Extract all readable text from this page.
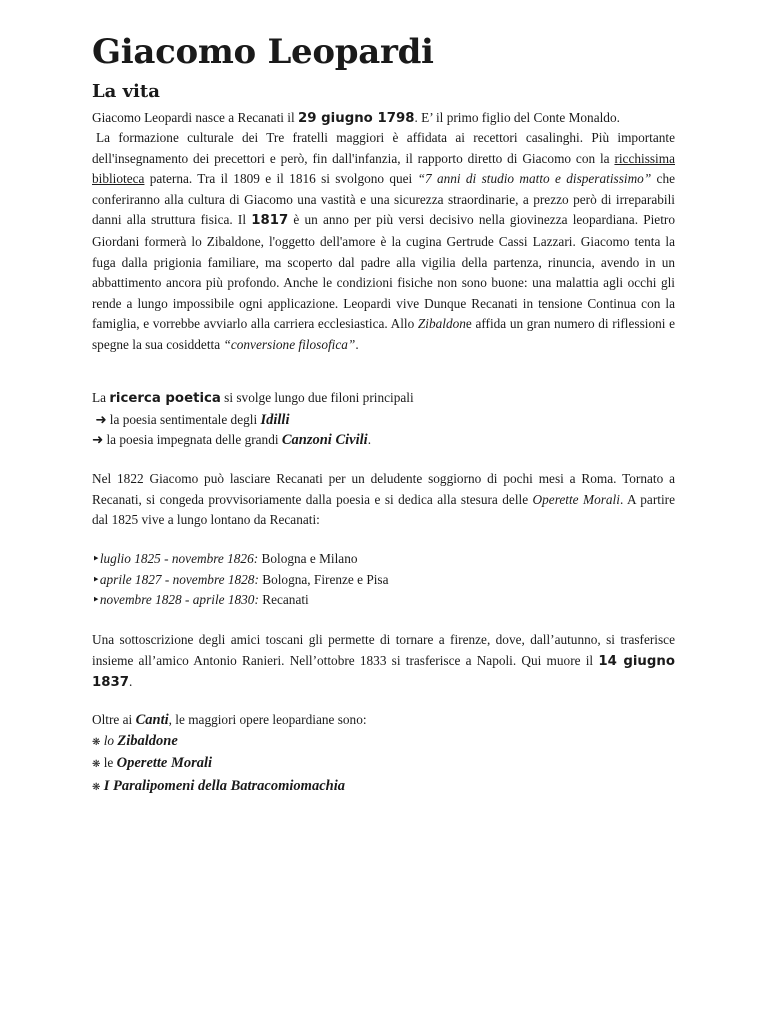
Giacomo Leopardi
La vita
Giacomo Leopardi nasce a Recanati il 29 giugno 1798. E’ il primo figlio del Conte Monaldo.
La formazione culturale dei Tre fratelli maggiori è affidata ai recettori casalinghi. Più importante dell'insegnamento dei precettori e però, fin dall'infanzia, il rapporto diretto di Giacomo con la ricchissima biblioteca paterna. Tra il 1809 e il 1816 si svolgono quei “7 anni di studio matto e disperatissimo” che conferiranno alla cultura di Giacomo una vastità e una sicurezza straordinarie, a prezzo però di irreparabili danni alla struttura fisica. Il 1817 è un anno per più versi decisivo nella giovinezza leopardiana. Pietro Giordani formerà lo Zibaldone, l'oggetto dell'amore è la cugina Gertrude Cassi Lazzari. Giacomo tenta la fuga dalla prigionia familiare, ma scoperto dal padre alla vigilia della partenza, rinuncia, avendo in un abbattimento ancora più profondo. Anche le condizioni fisiche non sono buone: una malattia agli occhi gli rende a lungo impossibile ogni applicazione. Leopardi vive Dunque Recanati in tensione Continua con la famiglia, e vorrebbe avviarlo alla carriera ecclesiastica. Allo Zibaldone affida un gran numero di riflessioni e spegne la sua cosiddetta “conversione filosofica”.
La ricerca poetica si svolge lungo due filoni principali
➜ la poesia sentimentale degli Idilli
➜ la poesia impegnata delle grandi Canzoni Civili.
Nel 1822 Giacomo può lasciare Recanati per un deludente soggiorno di pochi mesi a Roma. Tornato a Recanati, si congeda provvisoriamente dalla poesia e si dedica alla stesura delle Operette Morali. A partire dal 1825 vive a lungo lontano da Recanati:
‣luglio 1825 - novembre 1826: Bologna e Milano
‣aprile 1827 - novembre 1828: Bologna, Firenze e Pisa
‣novembre 1828 - aprile 1830: Recanati
Una sottoscrizione degli amici toscani gli permette di tornare a firenze, dove, dall’autunno, si trasferisce insieme all’amico Antonio Ranieri. Nell’ottobre 1833 si trasferisce a Napoli. Qui muore il 14 giugno 1837.
Oltre ai Canti, le maggiori opere leopardiane sono:
❋ lo Zibaldone
❋ le Operette Morali
❋ I Paralipomeni della Batracomiomachia
